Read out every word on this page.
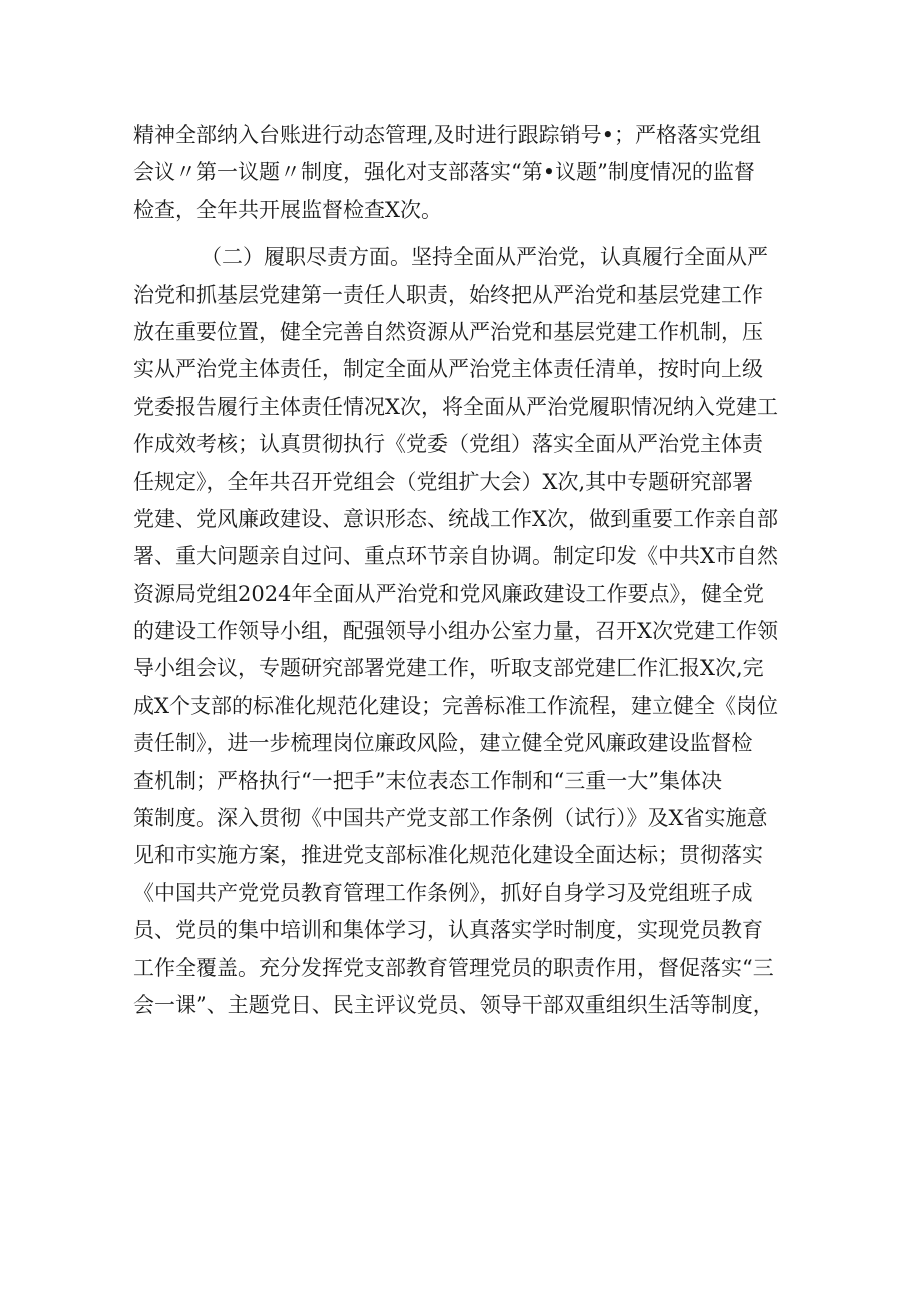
精神全部纳入台账进行动态管理,及时进行跟踪销号•；严格落实党组
会议〃第一议题〃制度，强化对支部落实“第•议题”制度情况的监督
检查，全年共开展监督检查X次。
（二）履职尽责方面。坚持全面从严治党，认真履行全面从严
治党和抓基层党建第一责任人职责，始终把从严治党和基层党建工作
放在重要位置，健全完善自然资源从严治党和基层党建工作机制，压
实从严治党主体责任，制定全面从严治党主体责任清单，按时向上级
党委报告履行主体责任情况X次，将全面从严治党履职情况纳入党建工
作成效考核；认真贯彻执行《党委（党组）落实全面从严治党主体责
任规定》，全年共召开党组会（党组扩大会）X次,其中专题研究部署
党建、党风廉政建设、意识形态、统战工作X次，做到重要工作亲自部
署、重大问题亲自过问、重点环节亲自协调。制定印发《中共X市自然
资源局党组2024年全面从严治党和党风廉政建设工作要点》，健全党
的建设工作领导小组，配强领导小组办公室力量，召开X次党建工作领
导小组会议，专题研究部署党建工作，听取支部党建匚作汇报X次,完
成X个支部的标准化规范化建设；完善标准工作流程，建立健全《岗位
责任制》，进一步梳理岗位廉政风险，建立健全党风廉政建设监督检
查机制；严格执行“一把手”末位表态工作制和“三重一大”集体决
策制度。深入贯彻《中国共产党支部工作条例（试行）》及X省实施意
见和市实施方案，推进党支部标准化规范化建设全面达标；贯彻落实
《中国共产党党员教育管理工作条例》，抓好自身学习及党组班子成
员、党员的集中培训和集体学习，认真落实学时制度，实现党员教育
工作全覆盖。充分发挥党支部教育管理党员的职责作用，督促落实“三
会一课”、主题党日、民主评议党员、领导干部双重组织生活等制度，
